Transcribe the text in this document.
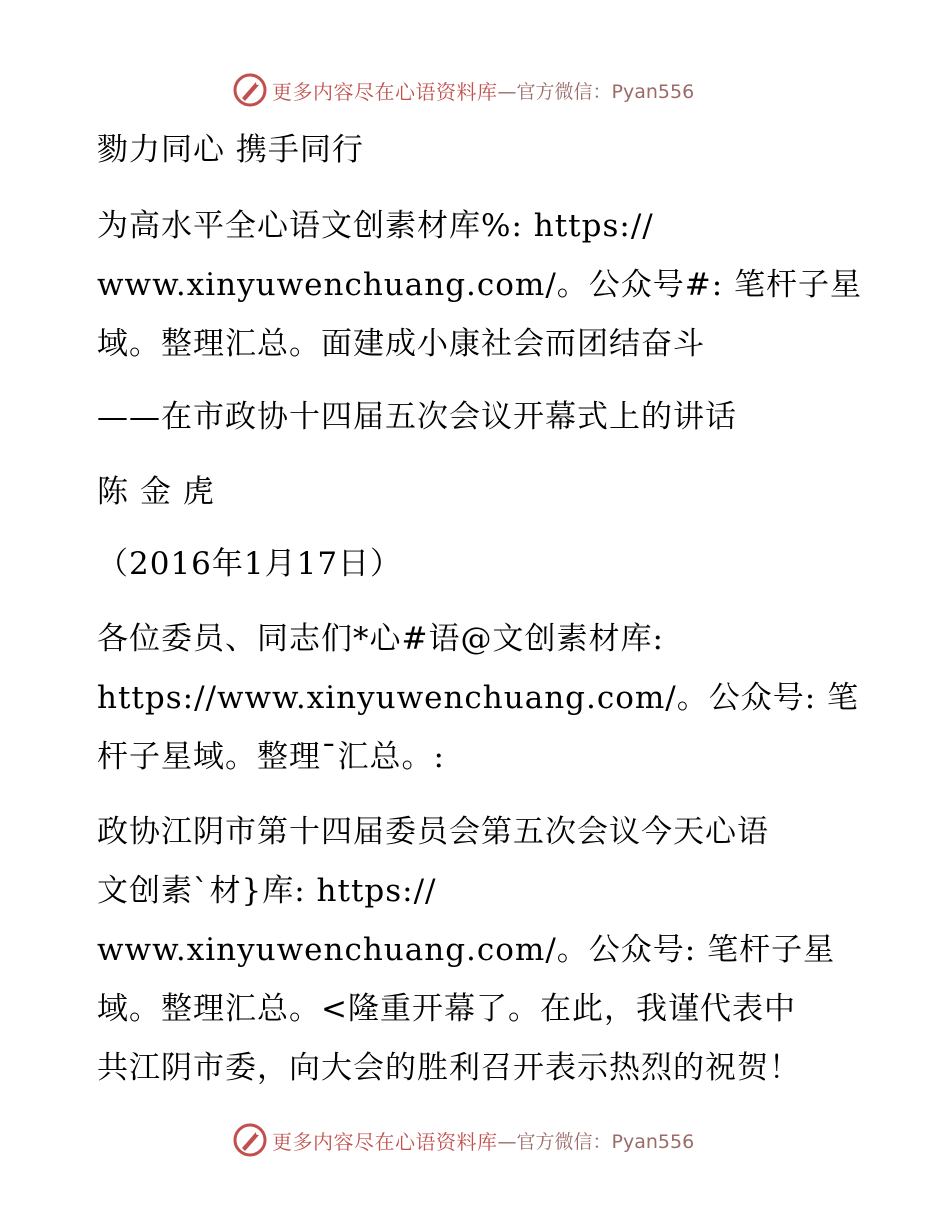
更多内容尽在心语资料库 —官方微信：Pyan556
勠力同心 携手同行
为高水平全心语文创素材库%: https://
www.xinyuwenchuang.com/。公众号#: 笔杆子星
域。整理汇总。面建成小康社会而团结奋斗
——在市政协十四届五次会议开幕式上的讲话
陈 金 虎
（2016年1月17日）
各位委员、同志们*心#语@文创素材库:
https://www.xinyuwenchuang.com/。公众号: 笔
杆子星域。整理¯汇总。:
政协江阴市第十四届委员会第五次会议今天心语
文创素`材}库: https://
www.xinyuwenchuang.com/。公众号: 笔杆子星
域。整理汇总。<隆重开幕了。在此，我谨代表中
共江阴市委，向大会的胜利召开表示热烈的祝贺！
更多内容尽在心语资料库 —官方微信：Pyan556
